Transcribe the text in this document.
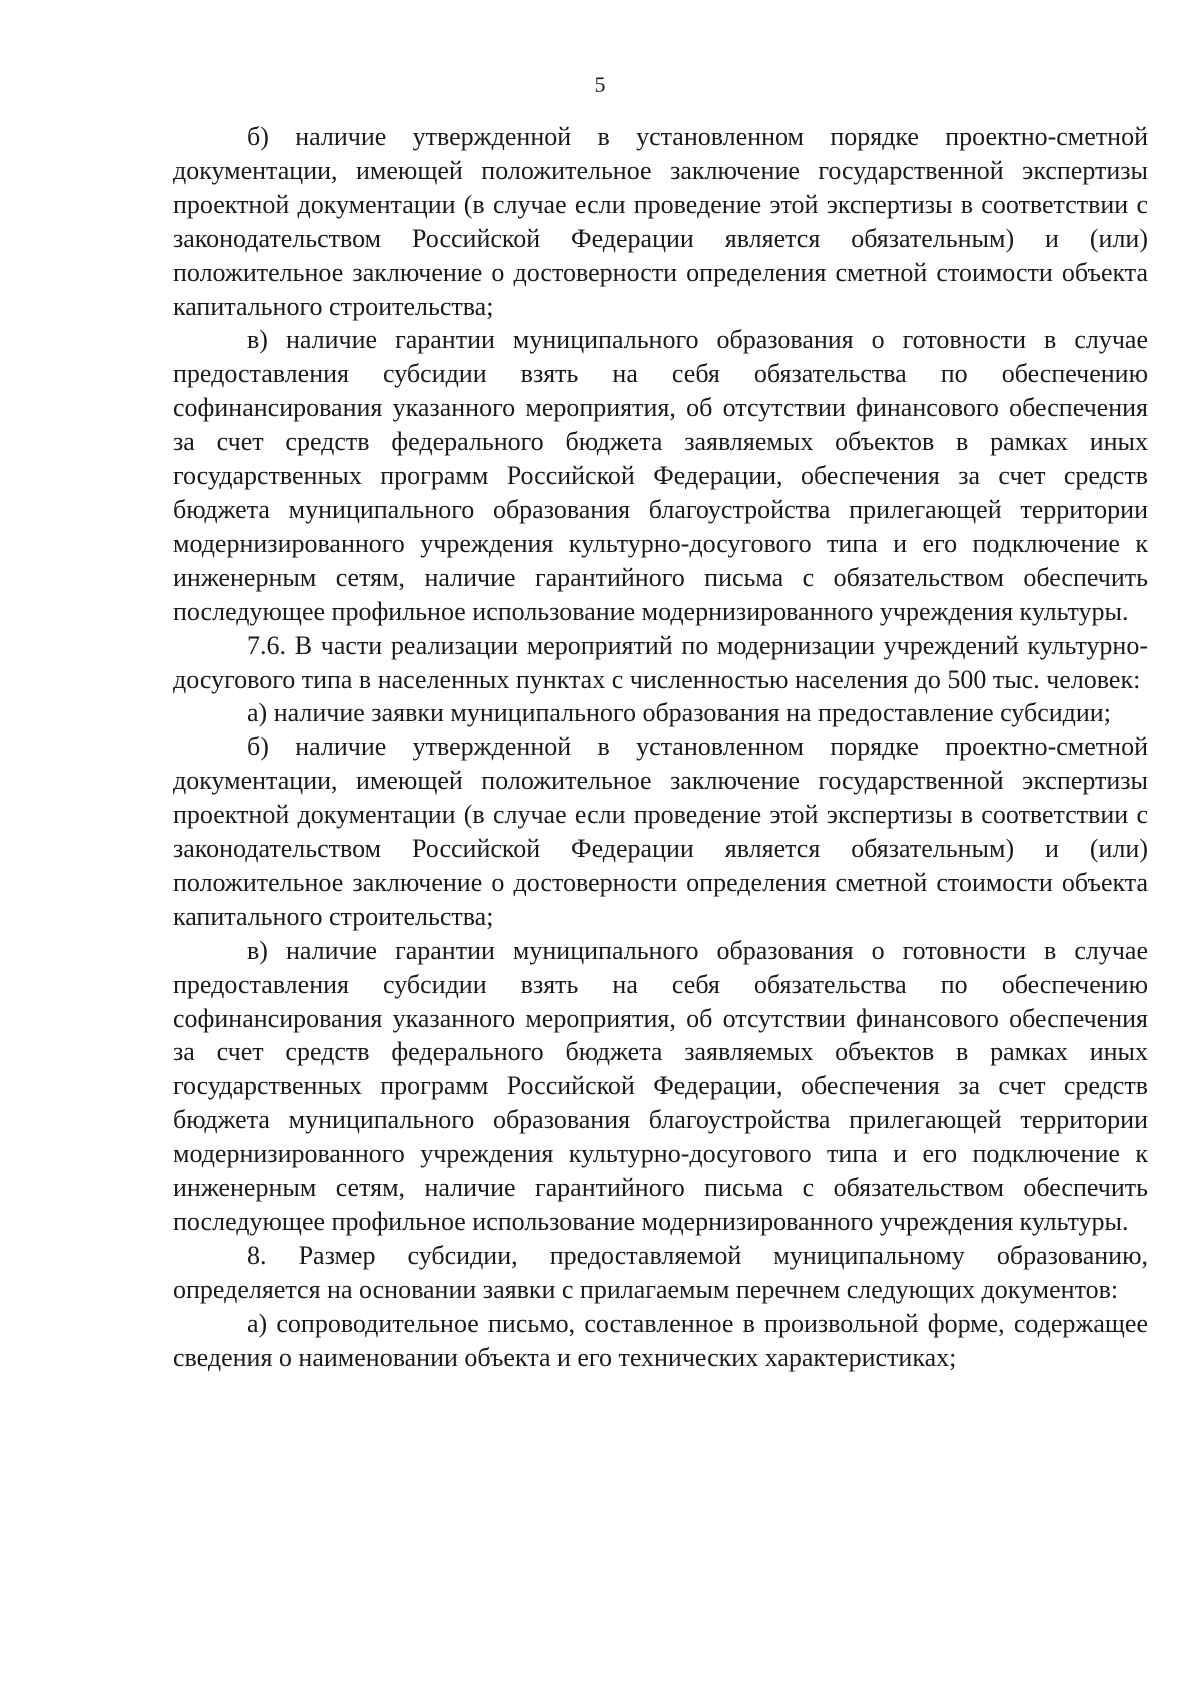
5

б) наличие утвержденной в установленном порядке проектно-сметной документации, имеющей положительное заключение государственной экспертизы проектной документации (в случае если проведение этой экспертизы в соответствии с законодательством Российской Федерации является обязательным) и (или) положительное заключение о достоверности определения сметной стоимости объекта капитального строительства;

в) наличие гарантии муниципального образования о готовности в случае предоставления субсидии взять на себя обязательства по обеспечению софинансирования указанного мероприятия, об отсутствии финансового обеспечения за счет средств федерального бюджета заявляемых объектов в рамках иных государственных программ Российской Федерации, обеспечения за счет средств бюджета муниципального образования благоустройства прилегающей территории модернизированного учреждения культурно-досугового типа и его подключение к инженерным сетям, наличие гарантийного письма с обязательством обеспечить последующее профильное использование модернизированного учреждения культуры.

7.6. В части реализации мероприятий по модернизации учреждений культурно-досугового типа в населенных пунктах с численностью населения до 500 тыс. человек:

а) наличие заявки муниципального образования на предоставление субсидии;

б) наличие утвержденной в установленном порядке проектно-сметной документации, имеющей положительное заключение государственной экспертизы проектной документации (в случае если проведение этой экспертизы в соответствии с законодательством Российской Федерации является обязательным) и (или) положительное заключение о достоверности определения сметной стоимости объекта капитального строительства;

в) наличие гарантии муниципального образования о готовности в случае предоставления субсидии взять на себя обязательства по обеспечению софинансирования указанного мероприятия, об отсутствии финансового обеспечения за счет средств федерального бюджета заявляемых объектов в рамках иных государственных программ Российской Федерации, обеспечения за счет средств бюджета муниципального образования благоустройства прилегающей территории модернизированного учреждения культурно-досугового типа и его подключение к инженерным сетям, наличие гарантийного письма с обязательством обеспечить последующее профильное использование модернизированного учреждения культуры.

8. Размер субсидии, предоставляемой муниципальному образованию, определяется на основании заявки с прилагаемым перечнем следующих документов:

а) сопроводительное письмо, составленное в произвольной форме, содержащее сведения о наименовании объекта и его технических характеристиках;
